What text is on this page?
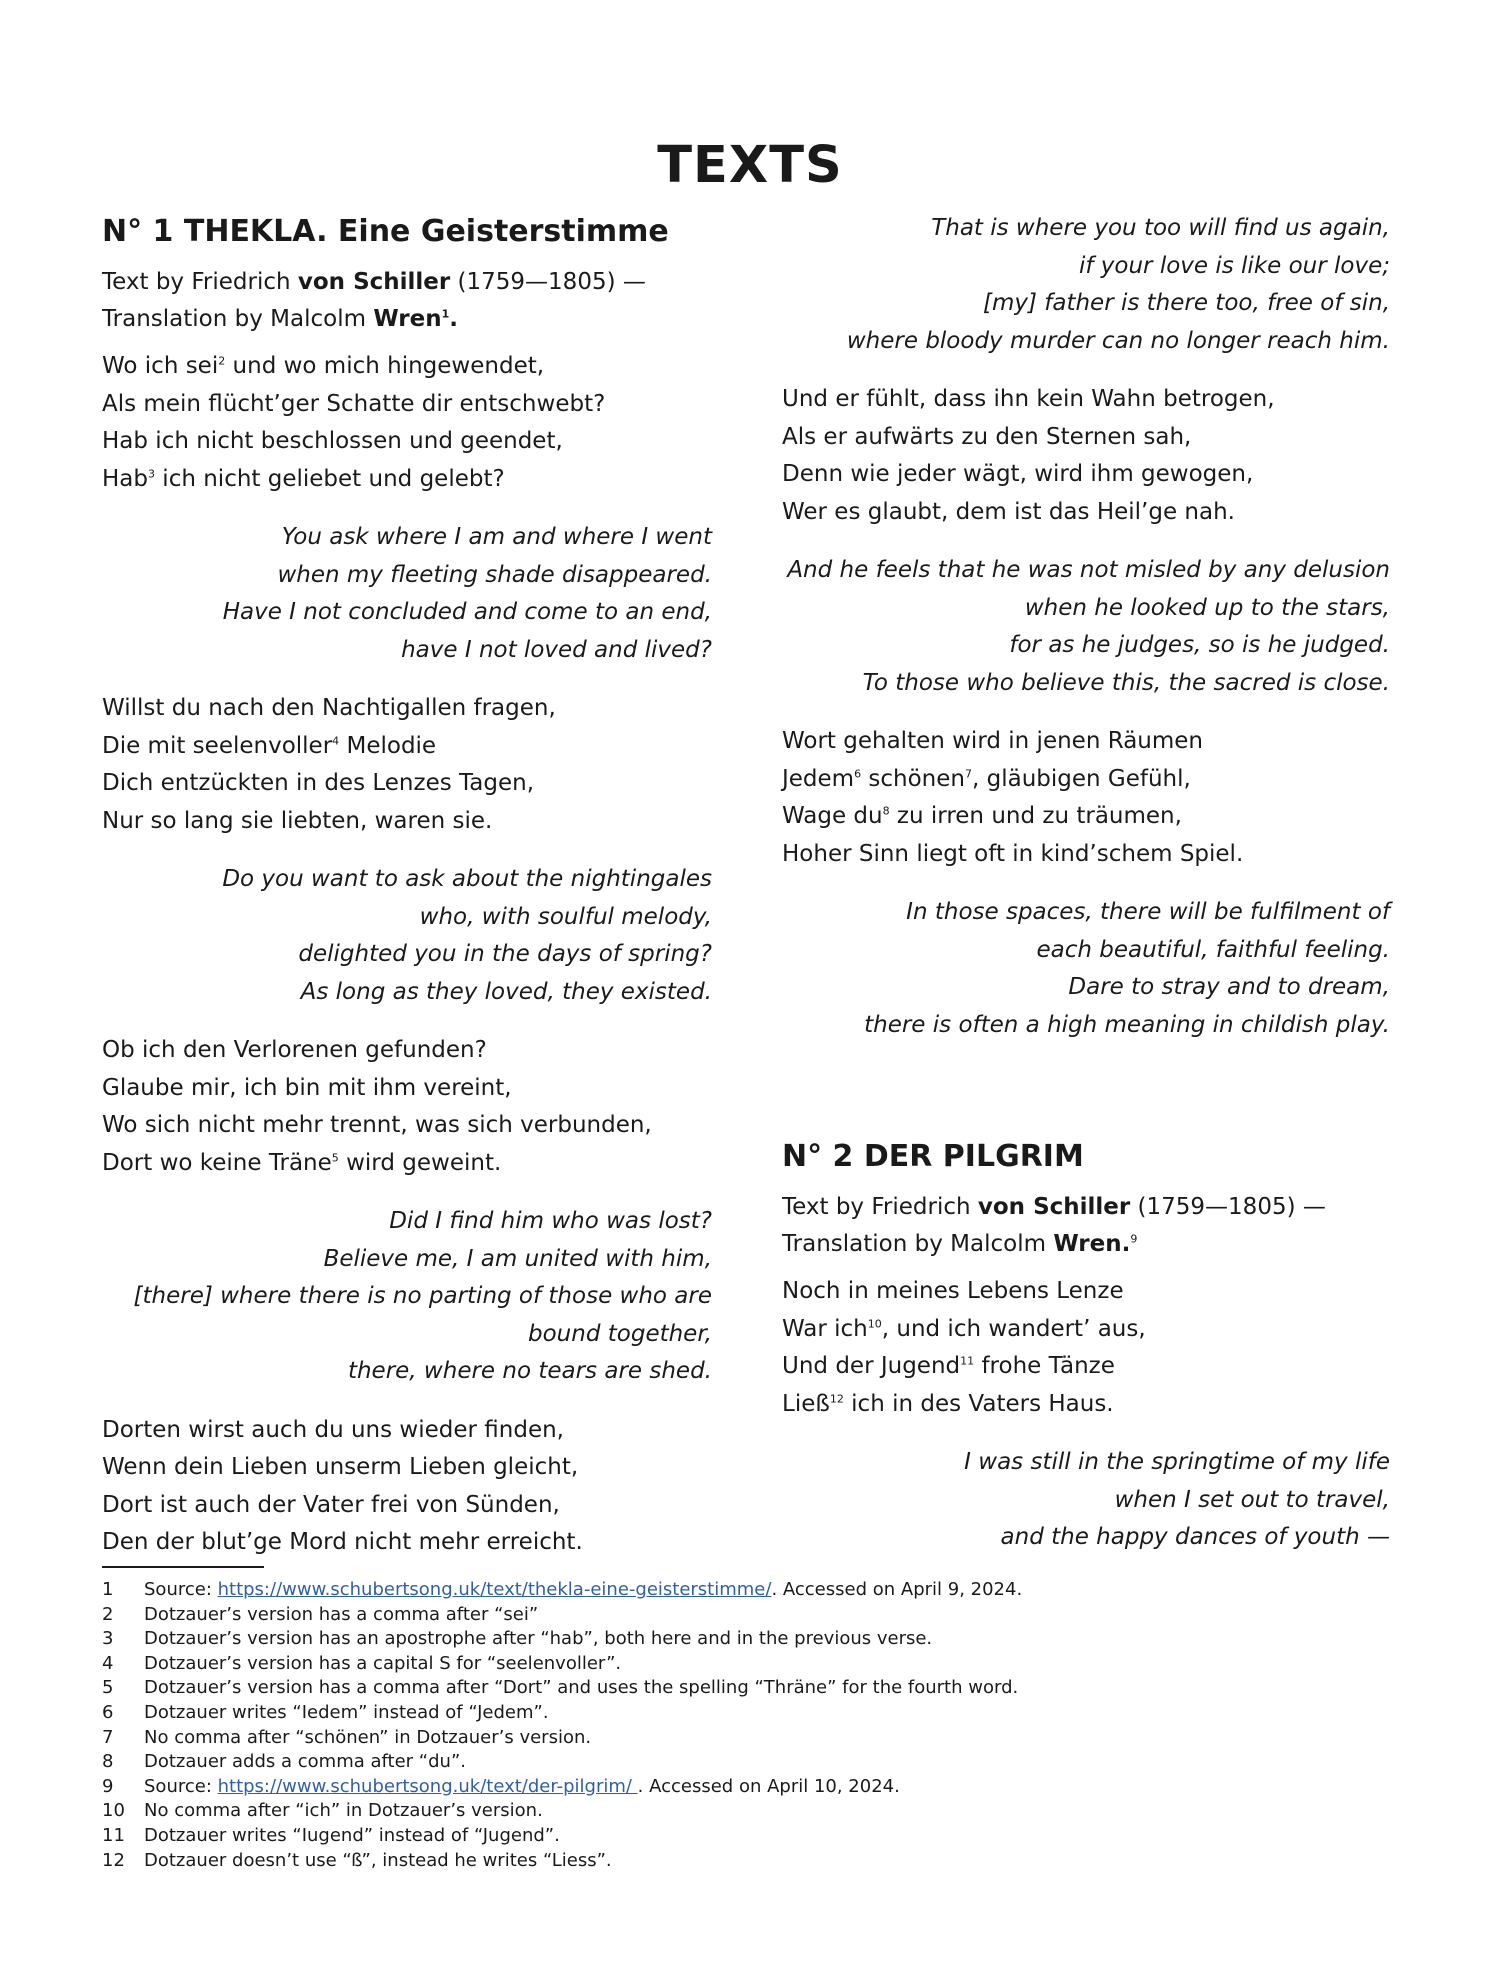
TEXTS
N° 1 THEKLA. Eine Geisterstimme
Text by Friedrich von Schiller (1759—1805) —
Translation by Malcolm Wren$^1$.
Wo ich sei$^2$ und wo mich hingewendet,
Als mein flücht’ger Schatte dir entschwebt?
Hab ich nicht beschlossen und geendet,
Hab$^3$ ich nicht geliebet und gelebt?
You ask where I am and where I went
when my fleeting shade disappeared.
Have I not concluded and come to an end,
have I not loved and lived?
Willst du nach den Nachtigallen fragen,
Die mit seelenvoller$^4$ Melodie
Dich entzückten in des Lenzes Tagen,
Nur so lang sie liebten, waren sie.
Do you want to ask about the nightingales
who, with soulful melody,
delighted you in the days of spring?
As long as they loved, they existed.
Ob ich den Verlorenen gefunden?
Glaube mir, ich bin mit ihm vereint,
Wo sich nicht mehr trennt, was sich verbunden,
Dort wo keine Träne$^5$ wird geweint.
Did I find him who was lost?
Believe me, I am united with him,
[there] where there is no parting of those who are bound together,
there, where no tears are shed.
Dorten wirst auch du uns wieder finden,
Wenn dein Lieben unserm Lieben gleicht,
Dort ist auch der Vater frei von Sünden,
Den der blut’ge Mord nicht mehr erreicht.
That is where you too will find us again,
if your love is like our love;
[my] father is there too, free of sin,
where bloody murder can no longer reach him.
Und er fühlt, dass ihn kein Wahn betrogen,
Als er aufwärts zu den Sternen sah,
Denn wie jeder wägt, wird ihm gewogen,
Wer es glaubt, dem ist das Heil’ge nah.
And he feels that he was not misled by any delusion
when he looked up to the stars,
for as he judges, so is he judged.
To those who believe this, the sacred is close.
Wort gehalten wird in jenen Räumen
Jedem$^6$ schönen$^7$, gläubigen Gefühl,
Wage $du^8$ zu irren und zu träumen,
Hoher Sinn liegt oft in kind’schem Spiel.
In those spaces, there will be fulfilment of
each beautiful, faithful feeling.
Dare to stray and to dream,
there is often a high meaning in childish play.
N° 2 DER PILGRIM
Text by Friedrich von Schiller (1759—1805) — Translation by Malcolm Wren.$^9$
Noch in meines Lebens Lenze
War ich$^{10}$, und ich wandert’ aus,
Und der Jugend$^{11}$ frohe Tänze
Ließ$^{12}$ ich in des Vaters Haus.
I was still in the springtime of my life
when I set out to travel,
and the happy dances of youth —
1	Source: https://www.schubertsong.uk/text/thekla-eine-geisterstimme/. Accessed on April 9, 2024.
2	Dotzauer’s version has a comma after “sei”
3	Dotzauer’s version has an apostrophe after “hab”, both here and in the previous verse.
4	Dotzauer’s version has a capital S for “seelenvoller”.
5	Dotzauer’s version has a comma after “Dort” and uses the spelling “Thräne” for the fourth word.
6	Dotzauer writes “Iedem” instead of “Jedem”.
7	No comma after “schönen” in Dotzauer’s version.
8	Dotzauer adds a comma after “du”.
9	Source: https://www.schubertsong.uk/text/der-pilgrim/ . Accessed on April 10, 2024.
10	No comma after “ich” in Dotzauer’s version.
11	Dotzauer writes “Iugend” instead of “Jugend”.
12	Dotzauer doesn’t use “ß”, instead he writes “Liess”.
